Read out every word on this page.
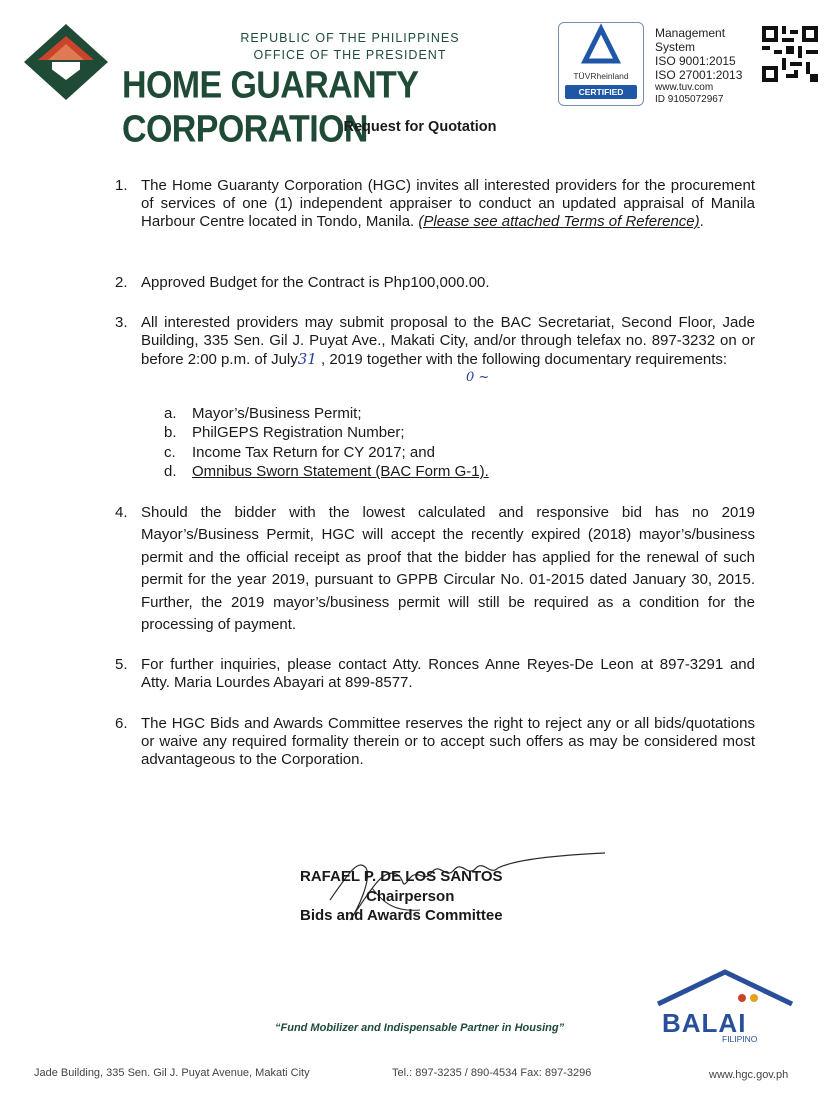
REPUBLIC OF THE PHILIPPINES
OFFICE OF THE PRESIDENT
HOME GUARANTY CORPORATION
TÜVRheinland
CERTIFIED
Management
System
ISO 9001:2015
ISO 27001:2013
www.tuv.com
ID 9105072967
Request for Quotation
1. The Home Guaranty Corporation (HGC) invites all interested providers for the procurement of services of one (1) independent appraiser to conduct an updated appraisal of Manila Harbour Centre located in Tondo, Manila. (Please see attached Terms of Reference).
2. Approved Budget for the Contract is Php100,000.00.
3. All interested providers may submit proposal to the BAC Secretariat, Second Floor, Jade Building, 335 Sen. Gil J. Puyat Ave., Makati City, and/or through telefax no. 897-3232 on or before 2:00 p.m. of July31 , 2019 together with the following documentary requirements:
0 ~
a.	Mayor’s/Business Permit;
b.	PhilGEPS Registration Number;
c.	Income Tax Return for CY 2017; and
d.	Omnibus Sworn Statement (BAC Form G-1).
4. Should the bidder with the lowest calculated and responsive bid has no 2019 Mayor’s/Business Permit, HGC will accept the recently expired (2018) mayor’s/business permit and the official receipt as proof that the bidder has applied for the renewal of such permit for the year 2019, pursuant to GPPB Circular No. 01-2015 dated January 30, 2015. Further, the 2019 mayor’s/business permit will still be required as a condition for the processing of payment.
5. For further inquiries, please contact Atty. Ronces Anne Reyes-De Leon at 897-3291 and Atty. Maria Lourdes Abayari at 899-8577.
6. The HGC Bids and Awards Committee reserves the right to reject any or all bids/quotations or waive any required formality therein or to accept such offers as may be considered most advantageous to the Corporation.
RAFAEL P. DE LOS SANTOS
Chairperson
Bids and Awards Committee
“Fund Mobilizer and Indispensable Partner in Housing”	BALAI
FILIPINO
Jade Building, 335 Sen. Gil J. Puyat Avenue, Makati City	Tel.: 897-3235 / 890-4534 Fax: 897-3296	www.hgc.gov.ph
